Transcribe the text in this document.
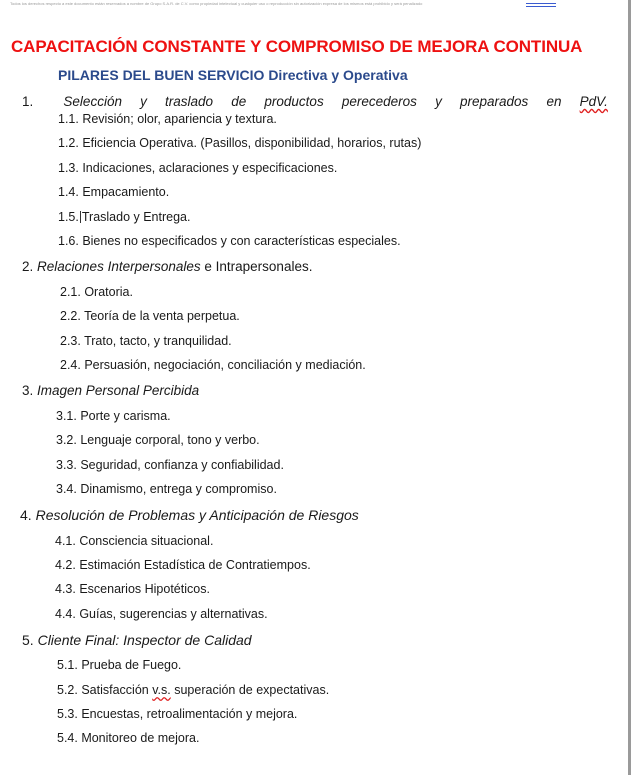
Todos los derechos respecto a este documento están reservados a nombre de Grupo S.A.R. de C.V. como propiedad intelectual y cualquier uso o reproducción sin autorización expresa de los mismos está prohibido y será penalizado
CAPACITACIÓN CONSTANTE Y COMPROMISO DE MEJORA CONTINUA
PILARES DEL BUEN SERVICIO Directiva y Operativa
1. Selección y traslado de productos perecederos y preparados en PdV.
1.1. Revisión; olor, apariencia y textura.
1.2. Eficiencia Operativa. (Pasillos, disponibilidad, horarios, rutas)
1.3. Indicaciones, aclaraciones y especificaciones.
1.4. Empacamiento.
1.5. Traslado y Entrega.
1.6. Bienes no especificados y con características especiales.
2. Relaciones Interpersonales e Intrapersonales.
2.1. Oratoria.
2.2. Teoría de la venta perpetua.
2.3. Trato, tacto, y tranquilidad.
2.4. Persuasión, negociación, conciliación y mediación.
3. Imagen Personal Percibida
3.1. Porte y carisma.
3.2. Lenguaje corporal, tono y verbo.
3.3. Seguridad, confianza y confiabilidad.
3.4. Dinamismo, entrega y compromiso.
4. Resolución de Problemas y Anticipación de Riesgos
4.1. Consciencia situacional.
4.2. Estimación Estadística de Contratiempos.
4.3. Escenarios Hipotéticos.
4.4. Guías, sugerencias y alternativas.
5. Cliente Final: Inspector de Calidad
5.1. Prueba de Fuego.
5.2. Satisfacción v.s. superación de expectativas.
5.3. Encuestas, retroalimentación y mejora.
5.4. Monitoreo de mejora.
